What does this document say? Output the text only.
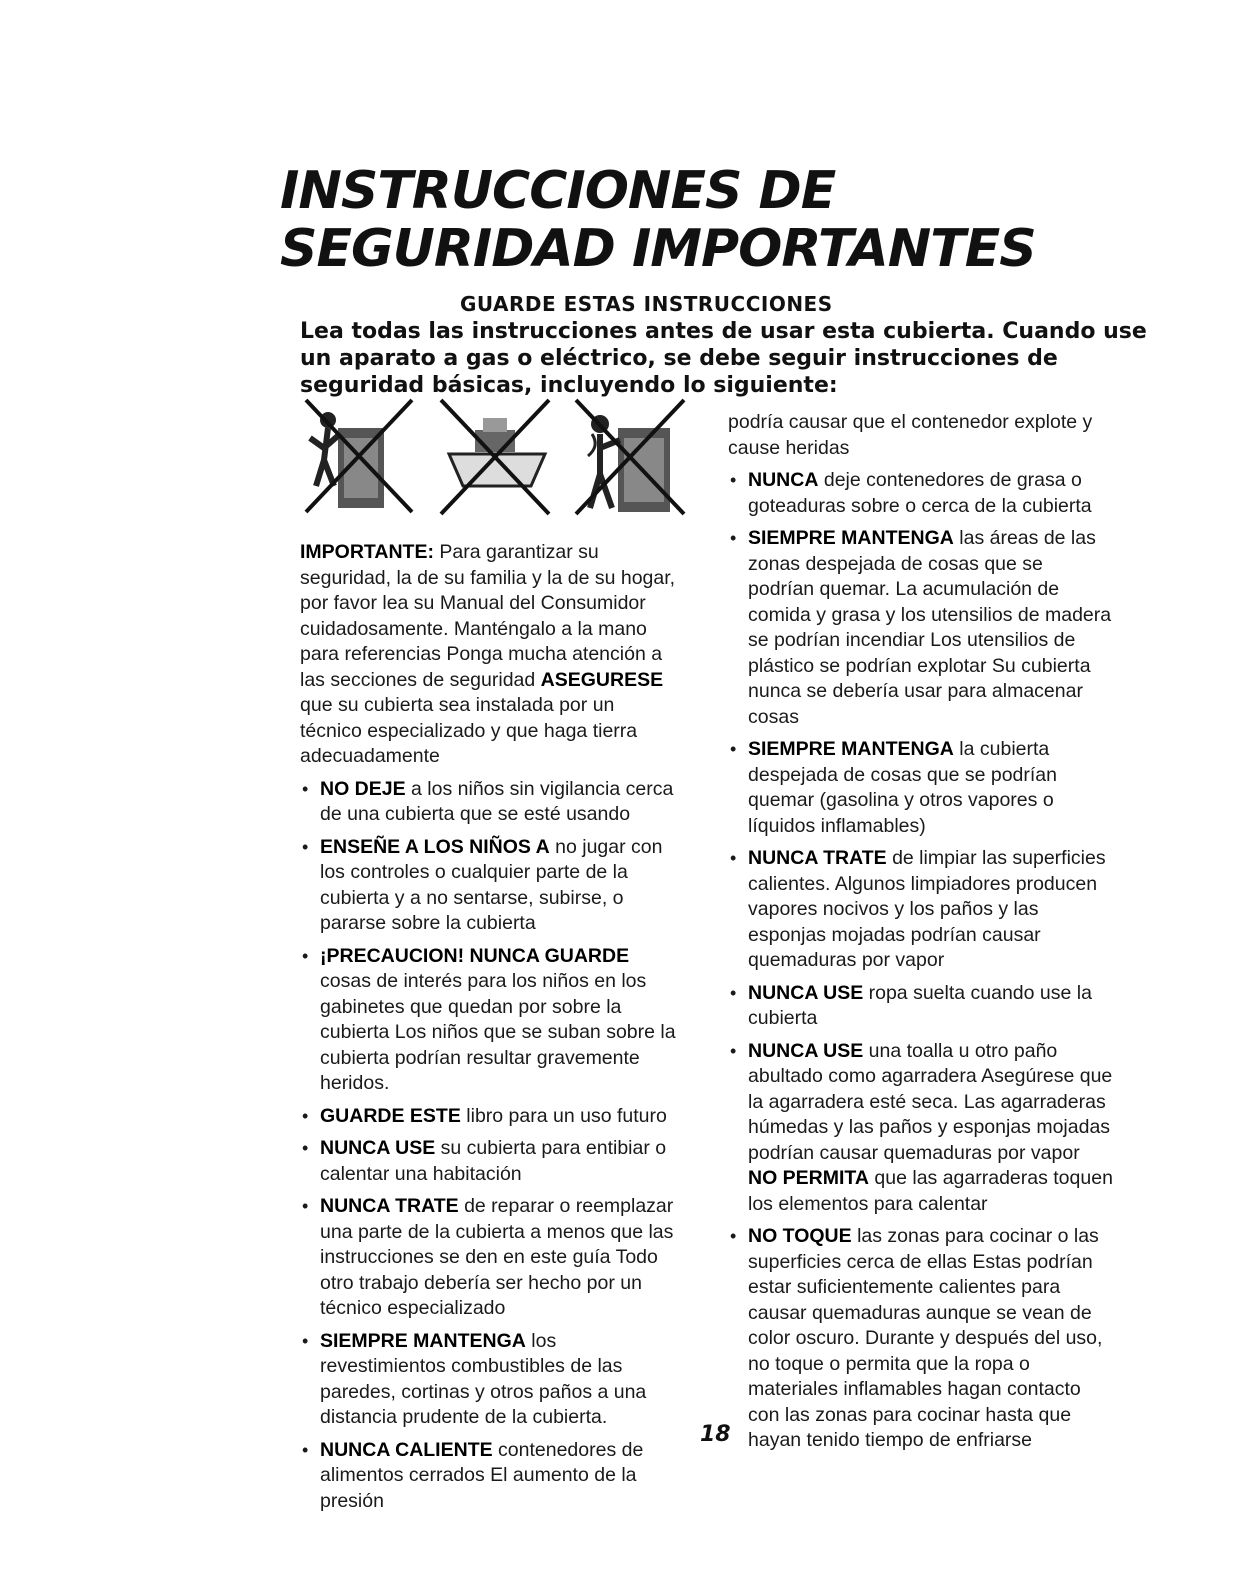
INSTRUCCIONES DE
SEGURIDAD IMPORTANTES
GUARDE ESTAS INSTRUCCIONES
Lea todas las instrucciones antes de usar esta cubierta. Cuando use un aparato a gas o eléctrico, se debe seguir instrucciones de seguridad básicas, incluyendo lo siguiente:

IMPORTANTE: Para garantizar su seguridad, la de su familia y la de su hogar, por favor lea su Manual del Consumidor cuidadosamente. Manténgalo a la mano para referencias Ponga mucha atención a las secciones de seguridad ASEGURESE que su cubierta sea instalada por un técnico especializado y que haga tierra adecuadamente

• NO DEJE a los niños sin vigilancia cerca de una cubierta que se esté usando
• ENSEÑE A LOS NIÑOS A no jugar con los controles o cualquier parte de la cubierta y a no sentarse, subirse, o pararse sobre la cubierta
• ¡PRECAUCION! NUNCA GUARDE cosas de interés para los niños en los gabinetes que quedan por sobre la cubierta Los niños que se suban sobre la cubierta podrían resultar gravemente heridos.
• GUARDE ESTE libro para un uso futuro
• NUNCA USE su cubierta para entibiar o calentar una habitación
• NUNCA TRATE de reparar o reemplazar una parte de la cubierta a menos que las instrucciones se den en este guía Todo otro trabajo debería ser hecho por un técnico especializado
• SIEMPRE MANTENGA los revestimientos combustibles de las paredes, cortinas y otros paños a una distancia prudente de la cubierta.
• NUNCA CALIENTE contenedores de alimentos cerrados El aumento de la presión

podría causar que el contenedor explote y cause heridas

• NUNCA deje contenedores de grasa o goteaduras sobre o cerca de la cubierta
• SIEMPRE MANTENGA las áreas de las zonas despejada de cosas que se podrían quemar. La acumulación de comida y grasa y los utensilios de madera se podrían incendiar Los utensilios de plástico se podrían explotar Su cubierta nunca se debería usar para almacenar cosas
• SIEMPRE MANTENGA la cubierta despejada de cosas que se podrían quemar (gasolina y otros vapores o líquidos inflamables)
• NUNCA TRATE de limpiar las superficies calientes. Algunos limpiadores producen vapores nocivos y los paños y las esponjas mojadas podrían causar quemaduras por vapor
• NUNCA USE ropa suelta cuando use la cubierta
• NUNCA USE una toalla u otro paño abultado como agarradera Asegúrese que la agarradera esté seca. Las agarraderas húmedas y las paños y esponjas mojadas podrían causar quemaduras por vapor NO PERMITA que las agarraderas toquen los elementos para calentar
• NO TOQUE las zonas para cocinar o las superficies cerca de ellas Estas podrían estar suficientemente calientes para causar quemaduras aunque se vean de color oscuro. Durante y después del uso, no toque o permita que la ropa o materiales inflamables hagan contacto con las zonas para cocinar hasta que hayan tenido tiempo de enfriarse
18
